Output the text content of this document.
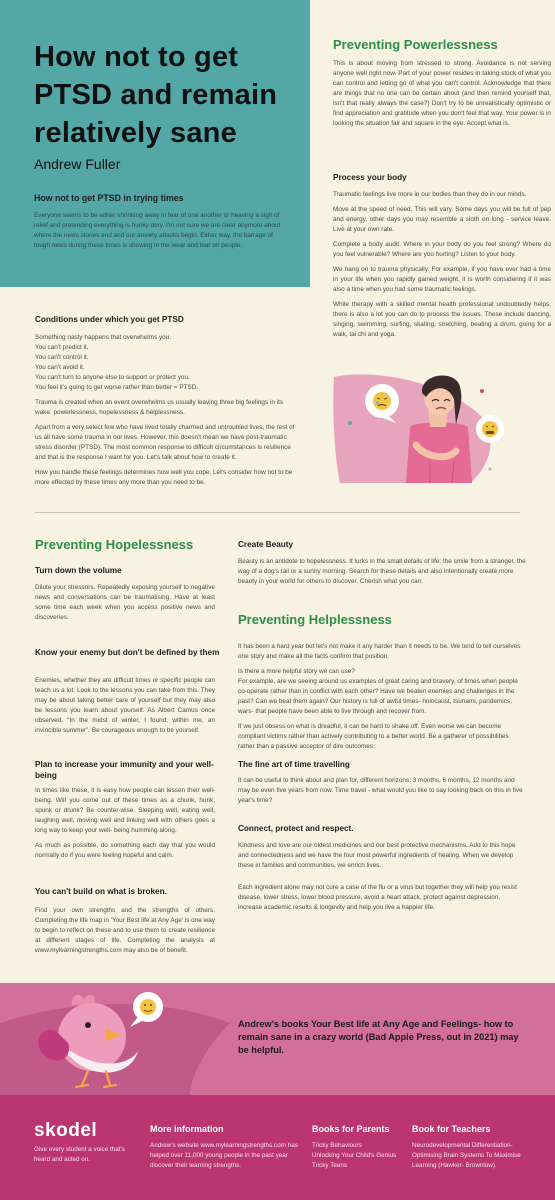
How not to get PTSD and remain relatively sane

Andrew Fuller

How not to get PTSD in trying times

Everyone seems to be either shrinking away in fear of one another or heaving a sigh of relief and pretending everything is hunky dory. I'm not sure we are clear anymore about where the news stories end and our anxiety attacks begin. Either way, the barrage of tough news during these times is showing in the wear and tear on people.

Conditions under which you get PTSD

Something nasty happens that overwhelms you.

You can't predict it.

You can't control it.

You can't avoid it.

You can't turn to anyone else to support or protect you.

You feel it's going to get worse rather than better = PTSD.

Trauma is created when an event overwhelms us usually leaving three big feelings in its wake: powerlessness, hopelessness & helplessness.

Apart from a very select few who have lived totally charmed and untroubled lives, the rest of us all have some trauma in our lives. However, this doesn't mean we have post-traumatic stress disorder (PTSD). The most common response to difficult circumstances is resilience

and that is the response I want for you. Let's talk about how to create it.

How you handle these feelings determines how well you cope. Let's consider how not to be more effected by these times any more than you need to be.

Preventing Powerlessness

This is about moving from stressed to strong. Avoidance is not serving anyone well right now. Part of your power resides in taking stock of what you can control and letting go of what you can't control. Acknowledge that there are things that no one can be certain about (and then remind yourself that, isn't that really always the case?) Don't try to be unrealistically optimistic or find appreciation and gratitude when you don't feel that way. Your power is in looking the situation fair and square in the eye. Accept what is.

Process your body

Traumatic feelings live more in our bodies than they do in our minds.

Move at the speed of need. This will vary. Some days you will be full of pep and energy, other days you may resemble a sloth on long - service leave. Live at your own rate.

Complete a body audit. Where in your body do you feel strong? Where do you feel vulnerable? Where are you hurting? Listen to your body.

We hang on to trauma physically. For example, if you have ever had a time in your life when you rapidly gained weight, it is worth considering if it was also a time when you had some traumatic feelings.

While therapy with a skilled mental health professional undoubtedly helps, there is also a lot you can do to process the issues. These include dancing, singing, swimming, surfing, skating, stretching, beating a drum, going for a walk, tai chi and yoga.

Preventing Hopelessness
Turn down the volume

Dilute your stressors. Repeatedly exposing yourself to negative news and conversations can be traumatising. Have at least some time each week when you access positive news and discoveries.

Know your enemy but don't be defined by them

Enemies, whether they are difficult times or specific people can teach us a lot. Look to the lessons you can take from this. They may be about taking better care of yourself but they may also be lessons you learn about yourself. As Albert Camus once observed, “In the midst of winter, I found, within me, an invincible summer”. Be courageous enough to be yourself.

Plan to increase your immunity and your well-being

In times like these, it is easy how people can lessen their well-being. Will you come out of these times as a chunk, hunk, spunk or drunk? Be counter-wise. Sleeping well, eating well, laughing well, moving well and linking well with others goes a long way to keep your well- being humming along.

As much as possible, do something each day that you would normally do if you were feeling hopeful and calm.

You can't build on what is broken.

Find your own strengths and the strengths of others. Completing the life map in 'Your Best life at Any Age' is one way to begin to reflect on these and to use them to create resilience at different stages of life. Completing the analysis at www.mylearningstrengths.com may also be of benefit.

Create Beauty

Beauty is an antidote to hopelessness. It lurks in the small details of life: the smile from a stranger, the wag of a dog's tail or a sunny morning. Search for these details and also intentionally create more beauty in your world for others to discover. Cherish what you can.

Preventing Helplessness

It has been a hard year but let's not make it any harder than it needs to be. We tend to tell ourselves one story and make all the facts confirm that position.

Is there a more helpful story we can use?

For example, are we seeing around us examples of great caring and bravery, of times when people co-operate rather than in conflict with each other? Have we beaten enemies and challenges in the past? Can we beat them again? Our history is full of awful times- holocaust, tsunami, pandemics, wars- that people have been able to live through and recover from.

If we just obsess on what is dreadful, it can be hard to shake off. Even worse we can become compliant victims rather than actively contributing to a better world. Be a gatherer of possibilities rather than a passive acceptor of dire outcomes.

The fine art of time travelling

It can be useful to think about and plan for, different horizons: 3 months, 6 months, 12 months and may be even five years from now. Time travel - what would you like to say looking back on this in five year's time?

Connect, protect and respect.

Kindness and love are our oldest medicines and our best protective mechanisms. Add to this hope and connectedness and we have the four most powerful ingredients of healing. When we develop these in families and communities, we enrich lives.

Each ingredient alone may not cure a case of the flu or a virus but together they will help you resist disease, lower stress, lower blood pressure, avoid a heart attack, protect against depression, increase academic results & longevity and help you live a happier life.

Andrew's books Your Best life at Any Age and Feelings- how to remain sane in a crazy world (Bad Apple Press, out in 2021) may be helpful.

skodel

Give every student a voice that's heard and acted on.

More information

Andrew's website www.mylearningstrengths.com has helped over 11,000 young people in the past year discover their learning strengths.

Books for Parents
Tricky Behaviours
Unlocking Your Child's Genius
Tricky Teens
Book for Teachers

Neurodevelopmental Differentiation- Optimising Brain Systems To Maximise Learning (Hawker- Brownlow).
